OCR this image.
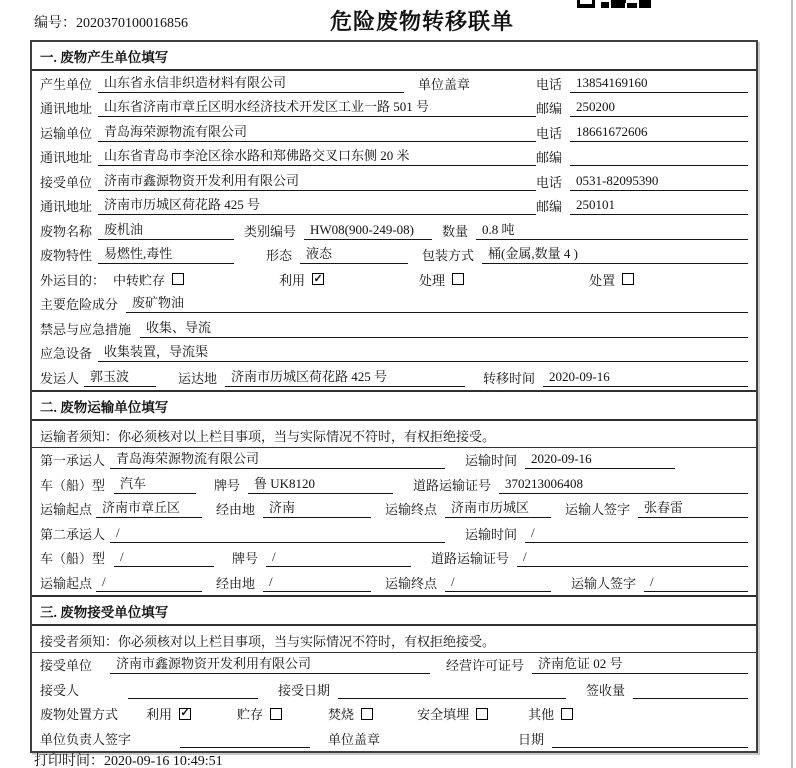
编号：2020370100016856	危险废物转移联单
一. 废物产生单位填写
产生单位 山东省永信非织造材料有限公司	单位盖章	电话	13854169160
通讯地址 山东省济南市章丘区明水经济技术开发区工业一路 501 号	邮编	250200
运输单位 青岛海荣源物流有限公司	电话	18661672606
通讯地址 山东省青岛市李沧区徐水路和郑佛路交叉口东侧 20 米	邮编
接受单位 济南市鑫源物资开发利用有限公司	电话	0531-82095390
通讯地址 济南市历城区荷花路 425 号	邮编	250101
废物名称 废机油	类别编号	HW08(900-249-08)	数量	0.8 吨
废物特性 易燃性,毒性	形态	液态	包装方式	桶(金属,数量 4 )
外运目的： 中转贮存	利用 ✓	处理	处置
主要危险成分	废矿物油
禁忌与应急措施	收集、导流
应急设备 收集装置，导流渠
发运人 郭玉波	运达地	济南市历城区荷花路 425 号	转移时间	2020-09-16
二. 废物运输单位填写
运输者须知：你必须核对以上栏目事项，当与实际情况不符时，有权拒绝接受。
第一承运人 青岛海荣源物流有限公司	运输时间	2020-09-16
车（船）型	汽车	牌号	鲁 UK8120	道路运输证号	370213006408
运输起点 济南市章丘区	经由地	济南	运输终点	济南市历城区	运输人签字	张春雷
第二承运人 /	运输时间	/
车（船）型	/	牌号	/	道路运输证号	/
运输起点 /	经由地	/	运输终点	/	运输人签字	/
三. 废物接受单位填写
接受者须知：你必须核对以上栏目事项，当与实际情况不符时，有权拒绝接受。
接受单位	济南市鑫源物资开发利用有限公司	经营许可证号	济南危证 02 号
接受人	接受日期	签收量
废物处置方式 利用 ✓	贮存	焚烧	安全填埋	其他
单位负责人签字	单位盖章	日期
打印时间：2020-09-16 10:49:51
